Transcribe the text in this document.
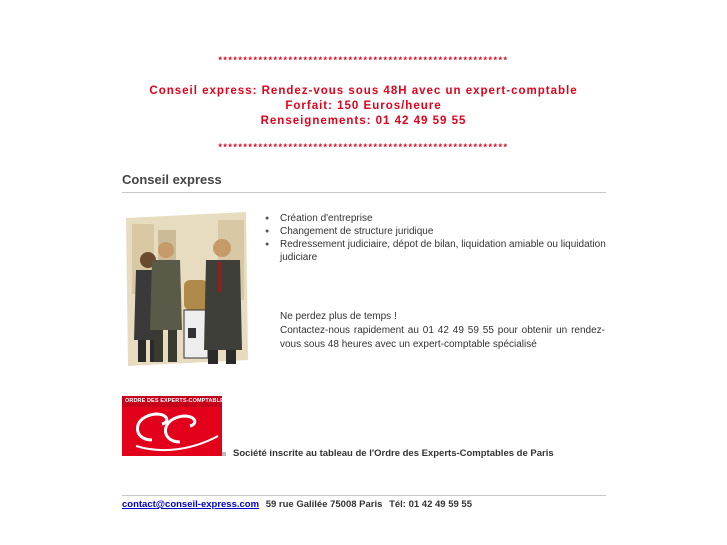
**********************************************************
Conseil express: Rendez-vous sous 48H avec un expert-comptable
Forfait: 150 Euros/heure
Renseignements: 01 42 49 59 55
**********************************************************
Conseil express
● Création d'entreprise
● Changement de structure juridique
● Redressement judiciaire, dépot de bilan, liquidation amiable ou liquidation judiciare
Ne perdez plus de temps !
Contactez-nous rapidement au 01 42 49 59 55 pour obtenir un rendez-vous sous 48 heures avec un expert-comptable spécialisé
ORDRE DES EXPERTS-COMPTABLES
Société inscrite au tableau de l'Ordre des Experts-Comptables de Paris
contact@conseil-express.com 59 rue Galilée 75008 Paris Tél: 01 42 49 59 55
